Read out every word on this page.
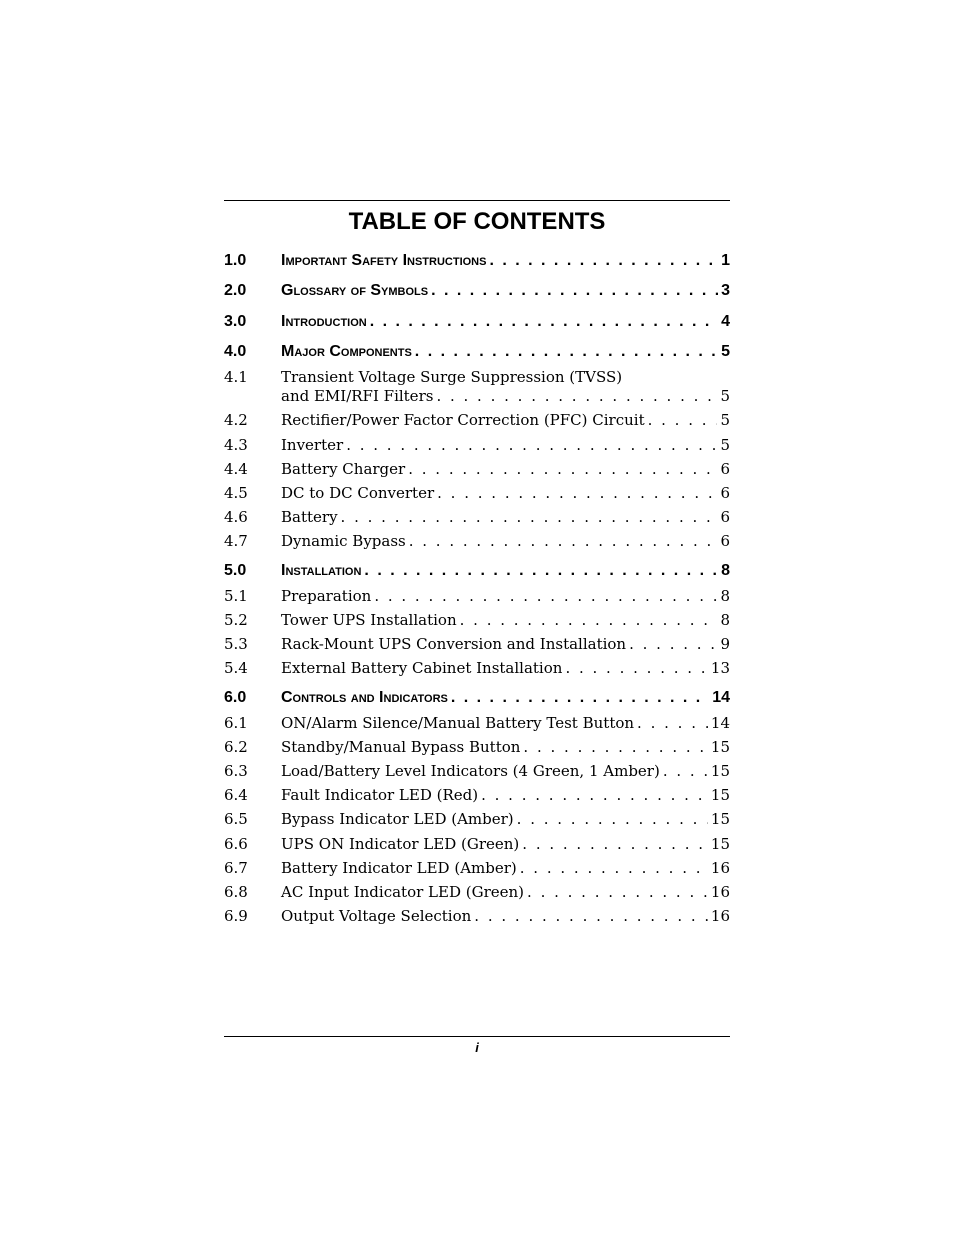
TABLE OF CONTENTS
1.0	Important Safety Instructions . . .	1
2.0	Glossary of Symbols . . .	3
3.0	Introduction . . .	4
4.0	Major Components . . .	5
4.1	Transient Voltage Surge Suppression (TVSS)
and EMI/RFI Filters . . .	5
4.2	Rectifier/Power Factor Correction (PFC) Circuit . . .	5
4.3	Inverter . . .	5
4.4	Battery Charger . . .	6
4.5	DC to DC Converter . . .	6
4.6	Battery . . .	6
4.7	Dynamic Bypass . . .	6
5.0	Installation . . .	8
5.1	Preparation . . .	8
5.2	Tower UPS Installation . . .	8
5.3	Rack-Mount UPS Conversion and Installation . . .	9
5.4	External Battery Cabinet Installation . . .	13
6.0	Controls and Indicators . . .	14
6.1	ON/Alarm Silence/Manual Battery Test Button . . .	14
6.2	Standby/Manual Bypass Button . . .	15
6.3	Load/Battery Level Indicators (4 Green, 1 Amber) . . .	15
6.4	Fault Indicator LED (Red) . . .	15
6.5	Bypass Indicator LED (Amber) . . .	15
6.6	UPS ON Indicator LED (Green) . . .	15
6.7	Battery Indicator LED (Amber) . . .	16
6.8	AC Input Indicator LED (Green) . . .	16
6.9	Output Voltage Selection . . .	16
i
